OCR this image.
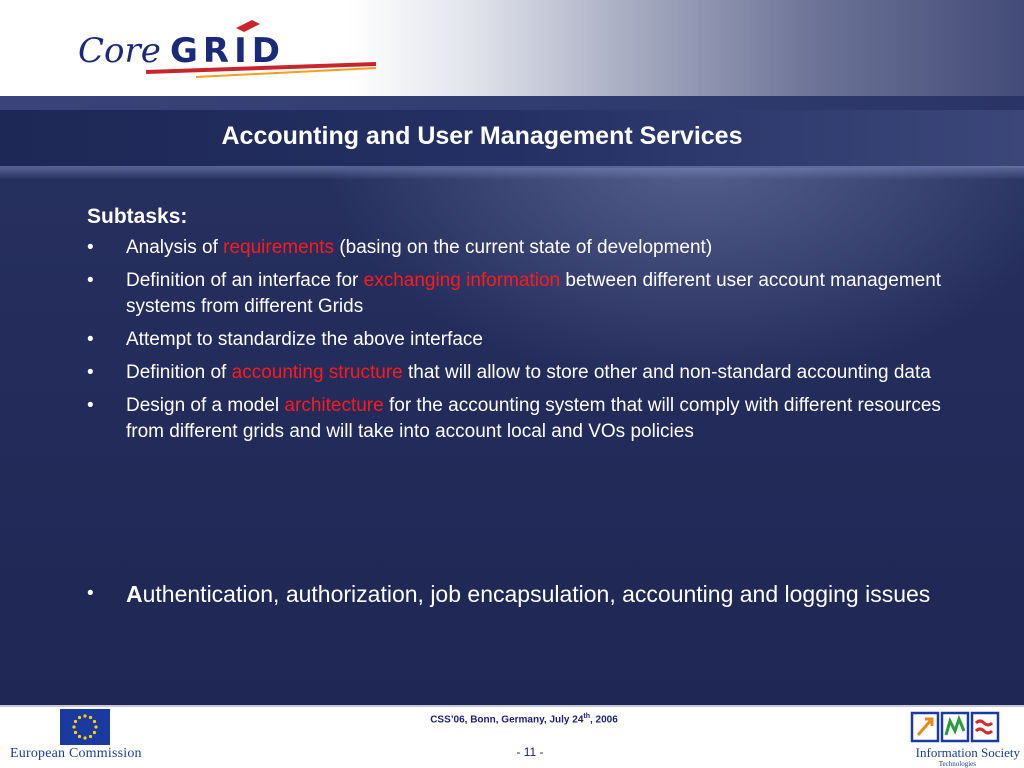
Core GRID
Accounting and User Management Services
Subtasks:
• Analysis of requirements (basing on the current state of development)
• Definition of an interface for exchanging information between different user account management systems from different Grids
• Attempt to standardize the above interface
• Definition of accounting structure that will allow to store other and non-standard accounting data
• Design of a model architecture for the accounting system that will comply with different resources from different grids and will take into account local and VOs policies
• Authentication, authorization, job encapsulation, accounting and logging issues
European Commission
CSS’06, Bonn, Germany, July 24th, 2006
- 11 -	Information Society
Technologies
